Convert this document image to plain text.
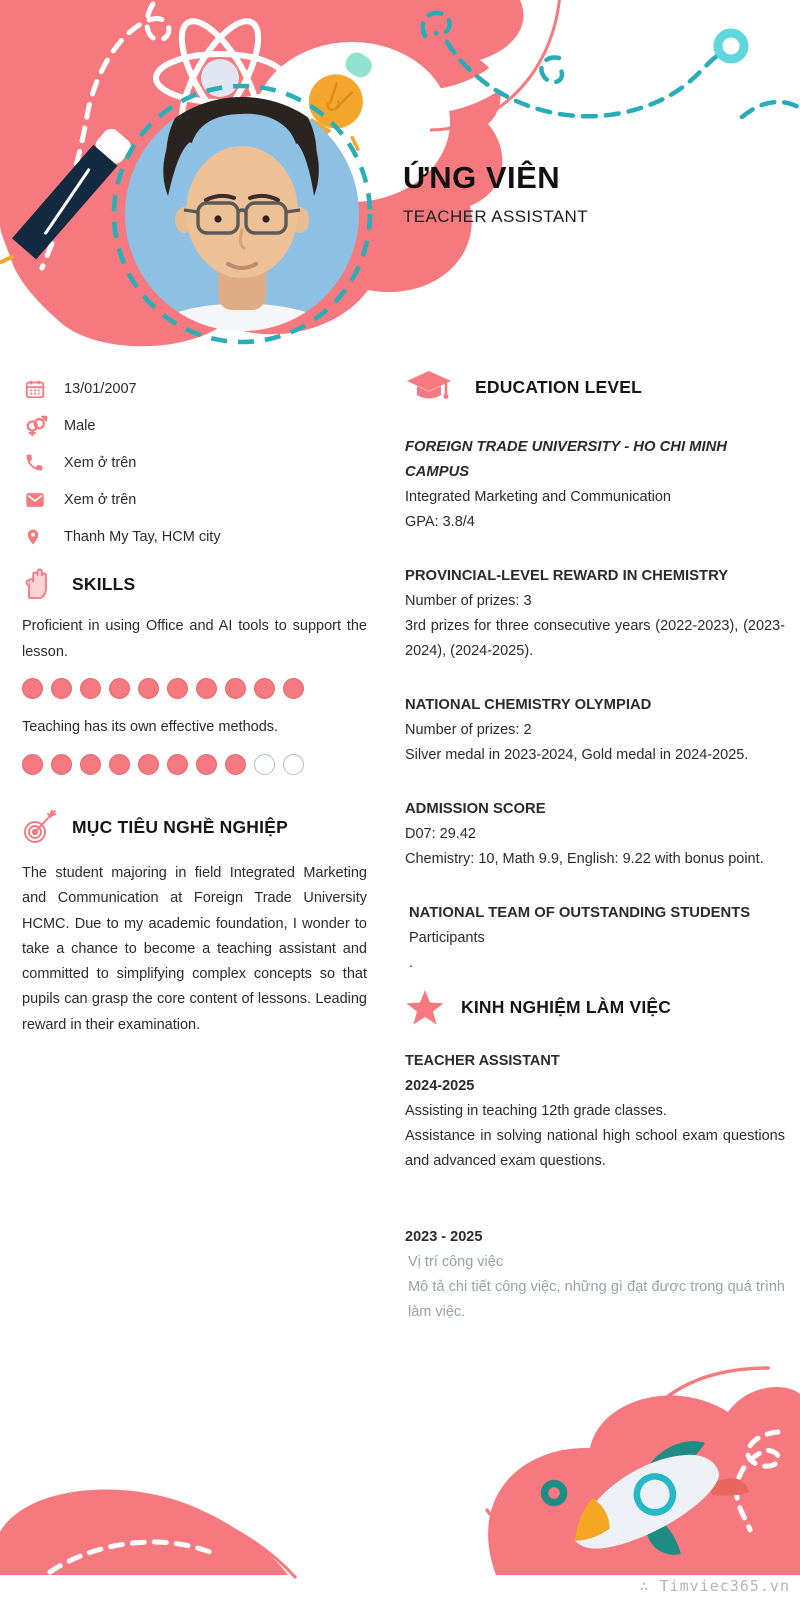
ỨNG VIÊN
TEACHER ASSISTANT
13/01/2007
Male
Xem ở trên
Xem ở trên
Thanh My Tay, HCM city
SKILLS
Proficient in using Office and AI tools to support the lesson.
Teaching has its own effective methods.
MỤC TIÊU NGHỀ NGHIỆP
The student majoring in field Integrated Marketing and Communication at Foreign Trade University HCMC. Due to my academic foundation, I wonder to take a chance to become a teaching assistant and committed to simplifying complex concepts so that pupils can grasp the core content of lessons. Leading reward in their examination.
EDUCATION LEVEL
FOREIGN TRADE UNIVERSITY - HO CHI MINH CAMPUS
Integrated Marketing and Communication
GPA: 3.8/4
PROVINCIAL-LEVEL REWARD IN CHEMISTRY
Number of prizes: 3
3rd prizes for three consecutive years (2022-2023), (2023-2024), (2024-2025).
NATIONAL CHEMISTRY OLYMPIAD
Number of prizes: 2
Silver medal in 2023-2024, Gold medal in 2024-2025.
ADMISSION SCORE
D07: 29.42
Chemistry: 10, Math 9.9, English: 9.22 with bonus point.
NATIONAL TEAM OF OUTSTANDING STUDENTS
Participants
.
KINH NGHIỆM LÀM VIỆC
TEACHER ASSISTANT
2024-2025
Assisting in teaching 12th grade classes.
Assistance in solving national high school exam questions and advanced exam questions.
2023 - 2025
Vị trí công việc
Mô tả chi tiết công việc, những gì đạt được trong quá trình làm việc.
∴ Timviec365.vn
